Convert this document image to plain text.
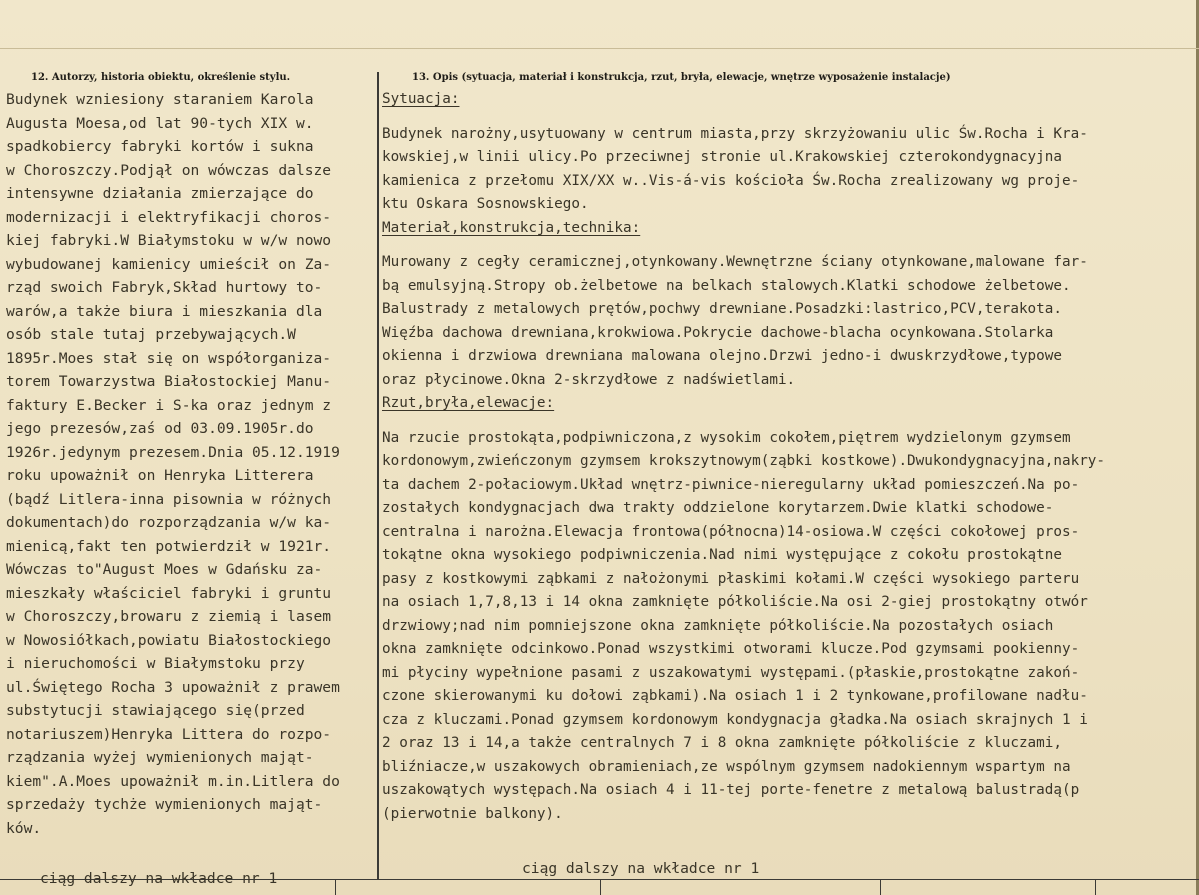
12. Autorzy, historia obiektu, określenie stylu.	13. Opis (sytuacja, materiał i konstrukcja, rzut, bryła, elewacje, wnętrze wyposażenie instalacje)
Budynek wzniesiony staraniem Karola
Augusta Moesa,od lat 90-tych XIX w.
spadkobiercy fabryki kortów i sukna
w Choroszczy.Podjął on wówczas dalsze
intensywne działania zmierzające do
modernizacji i elektryfikacji choros-
kiej fabryki.W Białymstoku w w/w nowo
wybudowanej kamienicy umieścił on Za-
rząd swoich Fabryk,Skład hurtowy to-
warów,a także biura i mieszkania dla
osób stale tutaj przebywających.W
1895r.Moes stał się on współorganiza-
torem Towarzystwa Białostockiej Manu-
faktury E.Becker i S-ka oraz jednym z
jego prezesów,zaś od 03.09.1905r.do
1926r.jedynym prezesem.Dnia 05.12.1919
roku upoważnił on Henryka Litterera
(bądź Litlera-inna pisownia w różnych
dokumentach)do rozporządzania w/w ka-
mienicą,fakt ten potwierdził w 1921r.
Wówczas to"August Moes w Gdańsku za-
mieszkały właściciel fabryki i gruntu
w Choroszczy,browaru z ziemią i lasem
w Nowosiółkach,powiatu Białostockiego
i nieruchomości w Białymstoku przy
ul.Świętego Rocha 3 upoważnił z prawem
substytucji stawiającego się(przed
notariuszem)Henryka Littera do rozpo-
rządzania wyżej wymienionych mająt-
kiem".A.Moes upoważnił m.in.Litlera do
sprzedaży tychże wymienionych mająt-
ków.
Sytuacja:
Budynek narożny,usytuowany w centrum miasta,przy skrzyżowaniu ulic Św.Rocha i Kra-
kowskiej,w linii ulicy.Po przeciwnej stronie ul.Krakowskiej czterokondygnacyjna
kamienica z przełomu XIX/XX w..Vis-á-vis kościoła Św.Rocha zrealizowany wg proje-
ktu Oskara Sosnowskiego.
Materiał,konstrukcja,technika:
Murowany z cegły ceramicznej,otynkowany.Wewnętrzne ściany otynkowane,malowane far-
bą emulsyjną.Stropy ob.żelbetowe na belkach stalowych.Klatki schodowe żelbetowe.
Balustrady z metalowych prętów,pochwy drewniane.Posadzki:lastrico,PCV,terakota.
Więźba dachowa drewniana,krokwiowa.Pokrycie dachowe-blacha ocynkowana.Stolarka
okienna i drzwiowa drewniana malowana olejno.Drzwi jedno-i dwuskrzydłowe,typowe
oraz płycinowe.Okna 2-skrzydłowe z nadświetlami.
Rzut,bryła,elewacje:
Na rzucie prostokąta,podpiwniczona,z wysokim cokołem,piętrem wydzielonym gzymsem
kordonowym,zwieńczonym gzymsem krokszytnowym(ząbki kostkowe).Dwukondygnacyjna,nakry-
ta dachem 2-połaciowym.Układ wnętrz-piwnice-nieregularny układ pomieszczeń.Na po-
zostałych kondygnacjach dwa trakty oddzielone korytarzem.Dwie klatki schodowe-
centralna i narożna.Elewacja frontowa(północna)14-osiowa.W części cokołowej pros-
tokątne okna wysokiego podpiwniczenia.Nad nimi występujące z cokołu prostokątne
pasy z kostkowymi ząbkami z nałożonymi płaskimi kołami.W części wysokiego parteru
na osiach 1,7,8,13 i 14 okna zamknięte półkoliście.Na osi 2-giej prostokątny otwór
drzwiowy;nad nim pomniejszone okna zamknięte półkoliście.Na pozostałych osiach
okna zamknięte odcinkowo.Ponad wszystkimi otworami klucze.Pod gzymsami pookienny-
mi płyciny wypełnione pasami z uszakowatymi występami.(płaskie,prostokątne zakoń-
czone skierowanymi ku dołowi ząbkami).Na osiach 1 i 2 tynkowane,profilowane nadłu-
cza z kluczami.Ponad gzymsem kordonowym kondygnacja gładka.Na osiach skrajnych 1 i
2 oraz 13 i 14,a także centralnych 7 i 8 okna zamknięte półkoliście z kluczami,
bliźniacze,w uszakowych obramieniach,ze wspólnym gzymsem nadokiennym wspartym na
uszakowątych występach.Na osiach 4 i 11-tej porte-fenetre z metalową balustradą(p
(pierwotnie balkony).
ciąg dalszy na wkładce nr 1
ciąg dalszy na wkładce nr 1
